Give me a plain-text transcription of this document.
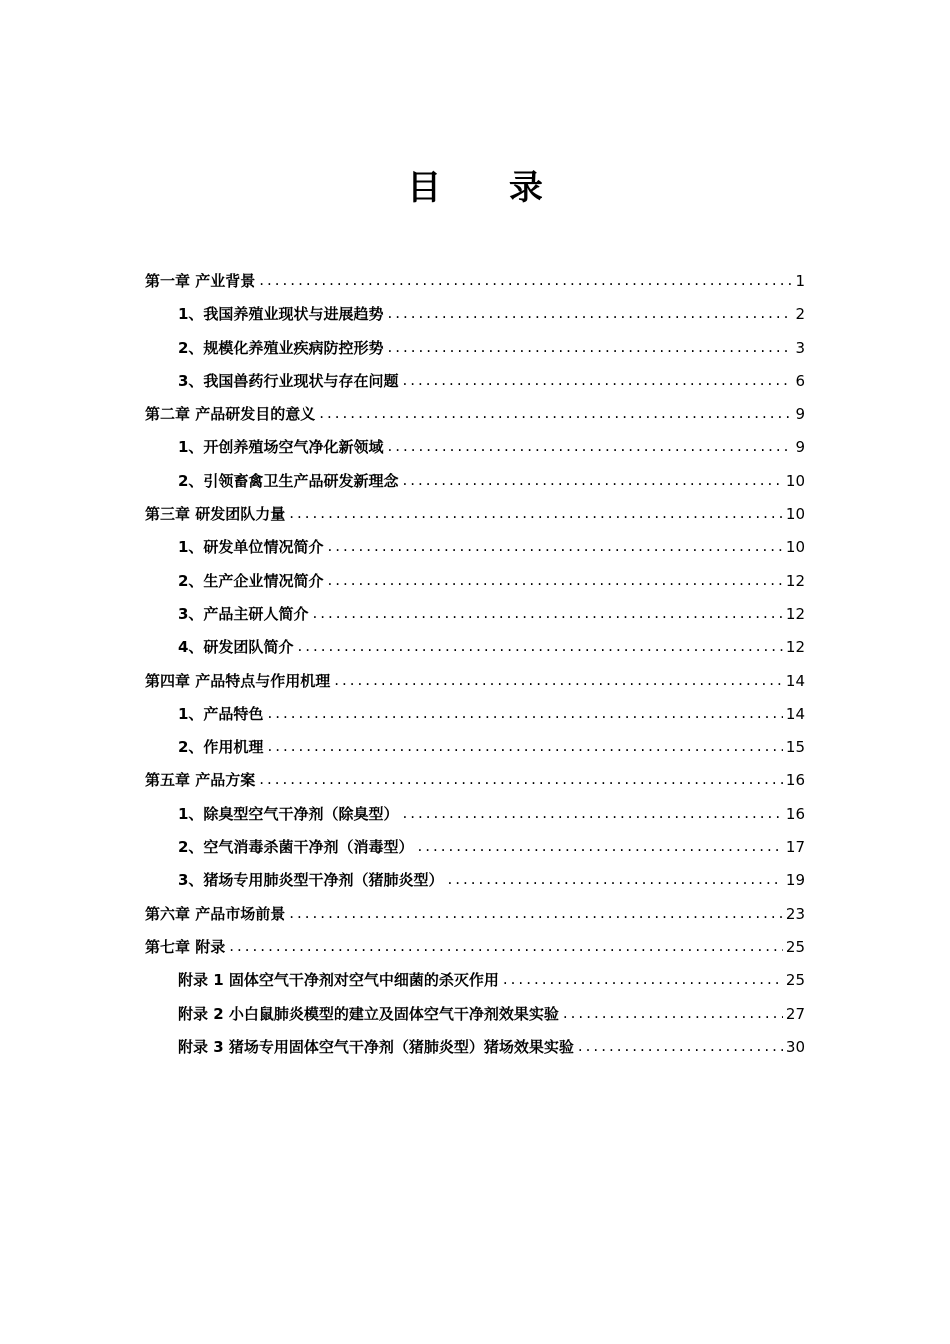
目 录
第一章 产业背景 .....	1
1、我国养殖业现状与进展趋势 .....	2
2、规模化养殖业疾病防控形势 .....	3
3、我国兽药行业现状与存在问题 .....	6
第二章 产品研发目的意义 .....	9
1、开创养殖场空气净化新领域 .....	9
2、引领畜禽卫生产品研发新理念 .....	10
第三章 研发团队力量 .....	10
1、研发单位情况简介 .....	10
2、生产企业情况简介 .....	12
3、产品主研人简介 .....	12
4、研发团队简介 .....	12
第四章 产品特点与作用机理 .....	14
1、产品特色 .....	14
2、作用机理 .....	15
第五章 产品方案 .....	16
1、除臭型空气干净剂（除臭型） .....	16
2、空气消毒杀菌干净剂（消毒型） .....	17
3、猪场专用肺炎型干净剂（猪肺炎型） .....	19
第六章 产品市场前景 .....	23
第七章 附录 .....	25
附录 1 固体空气干净剂对空气中细菌的杀灭作用 .....	25
附录 2 小白鼠肺炎模型的建立及固体空气干净剂效果实验 .....	27
附录 3 猪场专用固体空气干净剂（猪肺炎型）猪场效果实验 .....	30
